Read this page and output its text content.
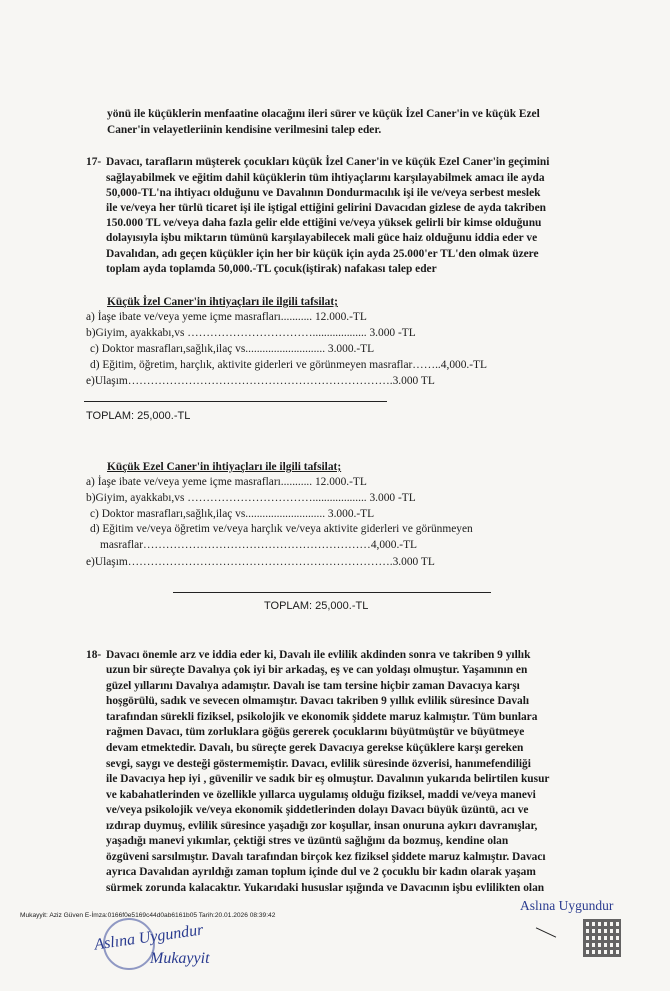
yönü ile küçüklerin menfaatine olacağını ileri sürer ve küçük İzel Caner'in ve küçük Ezel
Caner'in velayetleriinin kendisine verilmesini talep eder.
17- Davacı, tarafların müşterek çocukları küçük İzel Caner'in ve küçük Ezel Caner'in geçimini
sağlayabilmek ve eğitim dahil küçüklerin tüm ihtiyaçlarını karşılayabilmek amacı ile ayda
50,000-TL'na ihtiyacı olduğunu ve Davalının Dondurmacılık işi ile ve/veya serbest meslek
ile ve/veya her türlü ticaret işi ile iştigal ettiğini gelirini Davacıdan gizlese de ayda takriben
150.000 TL ve/veya daha fazla gelir elde ettiğini ve/veya yüksek gelirli bir kimse olduğunu
dolayısıyla işbu miktarın tümünü karşılayabilecek mali güce haiz olduğunu iddia eder ve
Davalıdan, adı geçen küçükler için her bir küçük için ayda 25.000'er TL'den olmak üzere
toplam ayda toplamda 50,000.-TL çocuk(iştirak) nafakası talep eder
Küçük İzel Caner'in ihtiyaçları ile ilgili tafsilat;
a) İaşe ibate ve/veya yeme içme masrafları........... 12.000.-TL
b)Giyim, ayakkabı,vs ……………………………................... 3.000 -TL
c) Doktor masrafları,sağlık,ilaç vs............................ 3.000.-TL
d) Eğitim, öğretim, harçlık, aktivite giderleri ve görünmeyen masraflar……..4,000.-TL
e)Ulaşım…………………………………………………………….3.000 TL
TOPLAM: 25,000.-TL
Küçük Ezel Caner'in ihtiyaçları ile ilgili tafsilat;
a) İaşe ibate ve/veya yeme içme masrafları........... 12.000.-TL
b)Giyim, ayakkabı,vs ……………………………................... 3.000 -TL
c) Doktor masrafları,sağlık,ilaç vs............................ 3.000.-TL
d) Eğitim ve/veya öğretim ve/veya harçlık ve/veya aktivite giderleri ve görünmeyen
masraflar……………………………………………………4,000.-TL
e)Ulaşım…………………………………………………………….3.000 TL
TOPLAM: 25,000.-TL
18- Davacı önemle arz ve iddia eder ki, Davalı ile evlilik akdinden sonra ve takriben 9 yıllık
uzun bir süreçte Davalıya çok iyi bir arkadaş, eş ve can yoldaşı olmuştur. Yaşamının en
güzel yıllarını Davalıya adamıştır. Davalı ise tam tersine hiçbir zaman Davacıya karşı
hoşgörülü, sadık ve sevecen olmamıştır. Davacı takriben 9 yıllık evlilik süresince Davalı
tarafından sürekli fiziksel, psikolojik ve ekonomik şiddete maruz kalmıştır. Tüm bunlara
rağmen Davacı, tüm zorluklara göğüs gererek çocuklarını büyütmüştür ve büyütmeye
devam etmektedir. Davalı, bu süreçte gerek Davacıya gerekse küçüklere karşı gereken
sevgi, saygı ve desteği göstermemiştir. Davacı, evlilik süresinde özverisi, hanımefendiliği
ile Davacıya hep iyi , güvenilir ve sadık bir eş olmuştur. Davalının yukarıda belirtilen kusur
ve kabahatlerinden ve özellikle yıllarca uygulamış olduğu fiziksel, maddi ve/veya manevi
ve/veya psikolojik ve/veya ekonomik şiddetlerinden dolayı Davacı büyük üzüntü, acı ve
ızdırap duymuş, evlilik süresince yaşadığı zor koşullar, insan onuruna aykırı davranışlar,
yaşadığı manevi yıkımlar, çektiği stres ve üzüntü sağlığını da bozmuş, kendine olan
özgüveni sarsılmıştır. Davalı tarafından birçok kez fiziksel şiddete maruz kalmıştır. Davacı
ayrıca Davalıdan ayrıldığı zaman toplum içinde dul ve 2 çocuklu bir kadın olarak yaşam
sürmek zorunda kalacaktır. Yukarıdaki hususlar ışığında ve Davacının işbu evlilikten olan
Mukayyit: Aziz Güven E-İmza:0166f0e5169c44d0ab6161b05 Tarih:20.01.2026 08:39:42
Aslına Uygundur
Mukayyit
Aslına Uygundur
